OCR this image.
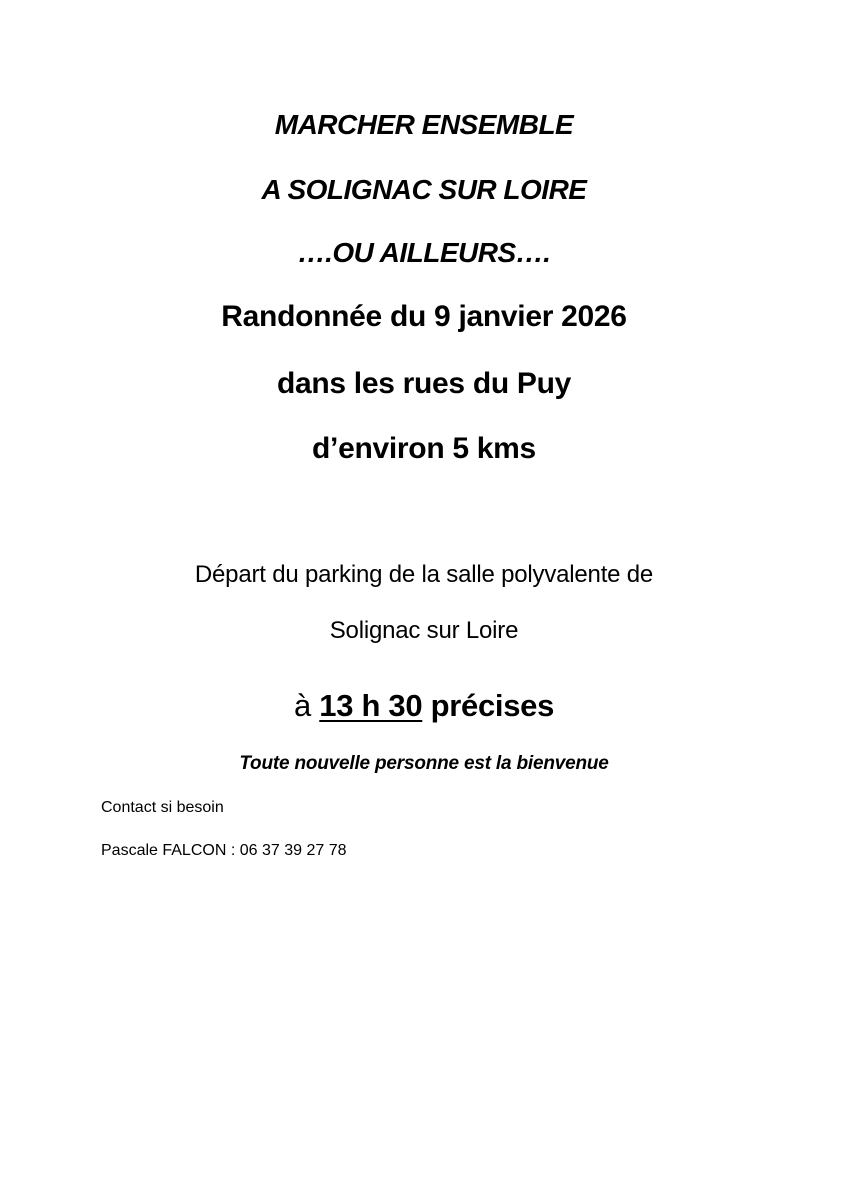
MARCHER ENSEMBLE
A SOLIGNAC SUR LOIRE
….OU AILLEURS….
Randonnée du 9 janvier 2026
dans les rues du Puy
d’environ 5 kms
Départ du parking de la salle polyvalente de
Solignac sur Loire
à 13 h 30 précises
Toute nouvelle personne est la bienvenue
Contact si besoin
Pascale FALCON : 06 37 39 27 78
